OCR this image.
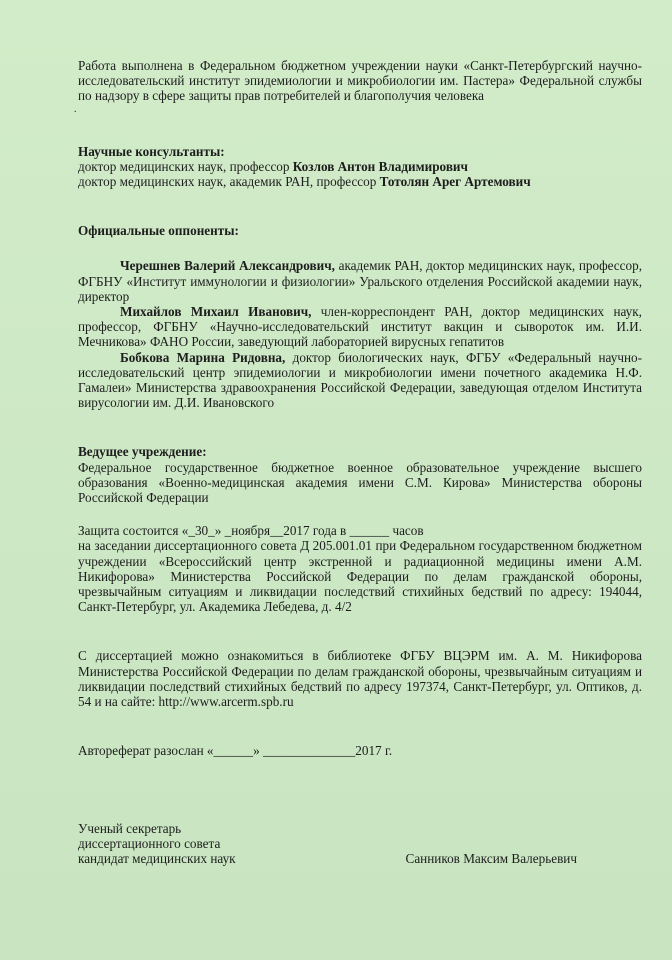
Работа выполнена в Федеральном бюджетном учреждении науки «Санкт-Петербургский научно-исследовательский институт эпидемиологии и микробиологии им. Пастера» Федеральной службы по надзору в сфере защиты прав потребителей и благополучия человека

.

Научные консультанты:

доктор медицинских наук, профессор Козлов Антон Владимирович

доктор медицинских наук, академик РАН, профессор Тотолян Арег Артемович

Официальные оппоненты:

Черешнев Валерий Александрович, академик РАН, доктор медицинских наук, профессор, ФГБНУ «Институт иммунологии и физиологии» Уральского отделения Российской академии наук, директор

Михайлов Михаил Иванович, член-корреспондент РАН, доктор медицинских наук, профессор, ФГБНУ «Научно-исследовательский институт вакцин и сывороток им. И.И. Мечникова» ФАНО России, заведующий лабораторией вирусных гепатитов

Бобкова Марина Ридовна, доктор биологических наук, ФГБУ «Федеральный научно-исследовательский центр эпидемиологии и микробиологии имени почетного академика Н.Ф. Гамалеи» Министерства здравоохранения Российской Федерации, заведующая отделом Института вирусологии им. Д.И. Ивановского

Ведущее учреждение:

Федеральное государственное бюджетное военное образовательное учреждение высшего образования «Военно-медицинская академия имени С.М. Кирова» Министерства обороны Российской Федерации

Защита состоится «_30_» _ноября__2017 года в ______ часов

на заседании диссертационного совета Д 205.001.01 при Федеральном государственном бюджетном учреждении «Всероссийский центр экстренной и радиационной медицины имени А.М. Никифорова» Министерства Российской Федерации по делам гражданской обороны, чрезвычайным ситуациям и ликвидации последствий стихийных бедствий по адресу: 194044, Санкт-Петербург, ул. Академика Лебедева, д. 4/2

С диссертацией можно ознакомиться в библиотеке ФГБУ ВЦЭРМ им. А. М. Никифорова Министерства Российской Федерации по делам гражданской обороны, чрезвычайным ситуациям и ликвидации последствий стихийных бедствий по адресу 197374, Санкт-Петербург, ул. Оптиков, д. 54 и на сайте: http://www.arcerm.spb.ru

Автореферат разослан «______» ______________2017 г.

Ученый секретарь

диссертационного совета

кандидат медицинских наук	Санников Максим Валерьевич
